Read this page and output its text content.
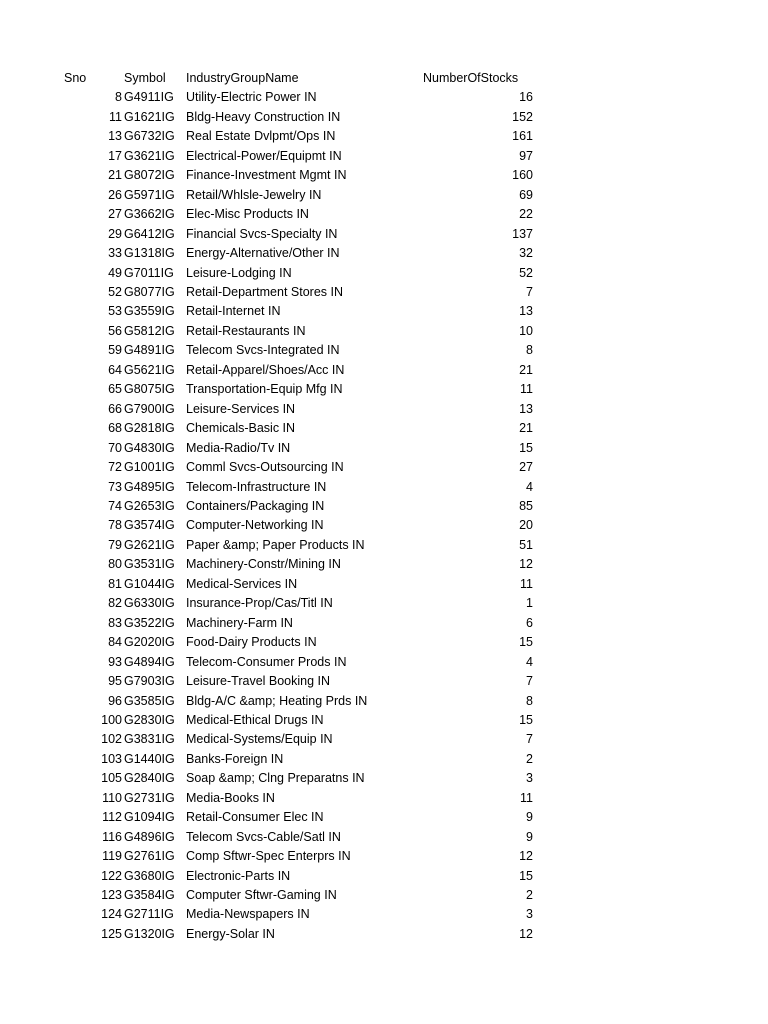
Sno	Symbol IndustryGroupName	NumberOfStocks
8 G4911IG Utility-Electric Power IN	16
11 G1621IG Bldg-Heavy Construction IN	152
13 G6732IG Real Estate Dvlpmt/Ops IN	161
17 G3621IG Electrical-Power/Equipmt IN	97
21 G8072IG Finance-Investment Mgmt IN	160
26 G5971IG Retail/Whlsle-Jewelry IN	69
27 G3662IG Elec-Misc Products IN	22
29 G6412IG Financial Svcs-Specialty IN	137
33 G1318IG Energy-Alternative/Other IN	32
49 G7011IG Leisure-Lodging IN	52
52 G8077IG Retail-Department Stores IN	7
53 G3559IG Retail-Internet IN	13
56 G5812IG Retail-Restaurants IN	10
59 G4891IG Telecom Svcs-Integrated IN	8
64 G5621IG Retail-Apparel/Shoes/Acc IN	21
65 G8075IG Transportation-Equip Mfg IN	11
66 G7900IG Leisure-Services IN	13
68 G2818IG Chemicals-Basic IN	21
70 G4830IG Media-Radio/Tv IN	15
72 G1001IG Comml Svcs-Outsourcing IN	27
73 G4895IG Telecom-Infrastructure IN	4
74 G2653IG Containers/Packaging IN	85
78 G3574IG Computer-Networking IN	20
79 G2621IG Paper &amp; Paper Products IN	51
80 G3531IG Machinery-Constr/Mining IN	12
81 G1044IG Medical-Services IN	11
82 G6330IG Insurance-Prop/Cas/Titl IN	1
83 G3522IG Machinery-Farm IN	6
84 G2020IG Food-Dairy Products IN	15
93 G4894IG Telecom-Consumer Prods IN	4
95 G7903IG Leisure-Travel Booking IN	7
96 G3585IG Bldg-A/C &amp; Heating Prds IN	8
100 G2830IG Medical-Ethical Drugs IN	15
102 G3831IG Medical-Systems/Equip IN	7
103 G1440IG Banks-Foreign IN	2
105 G2840IG Soap &amp; Clng Preparatns IN	3
110 G2731IG Media-Books IN	11
112 G1094IG Retail-Consumer Elec IN	9
116 G4896IG Telecom Svcs-Cable/Satl IN	9
119 G2761IG Comp Sftwr-Spec Enterprs IN	12
122 G3680IG Electronic-Parts IN	15
123 G3584IG Computer Sftwr-Gaming IN	2
124 G2711IG Media-Newspapers IN	3
125 G1320IG Energy-Solar IN	12
